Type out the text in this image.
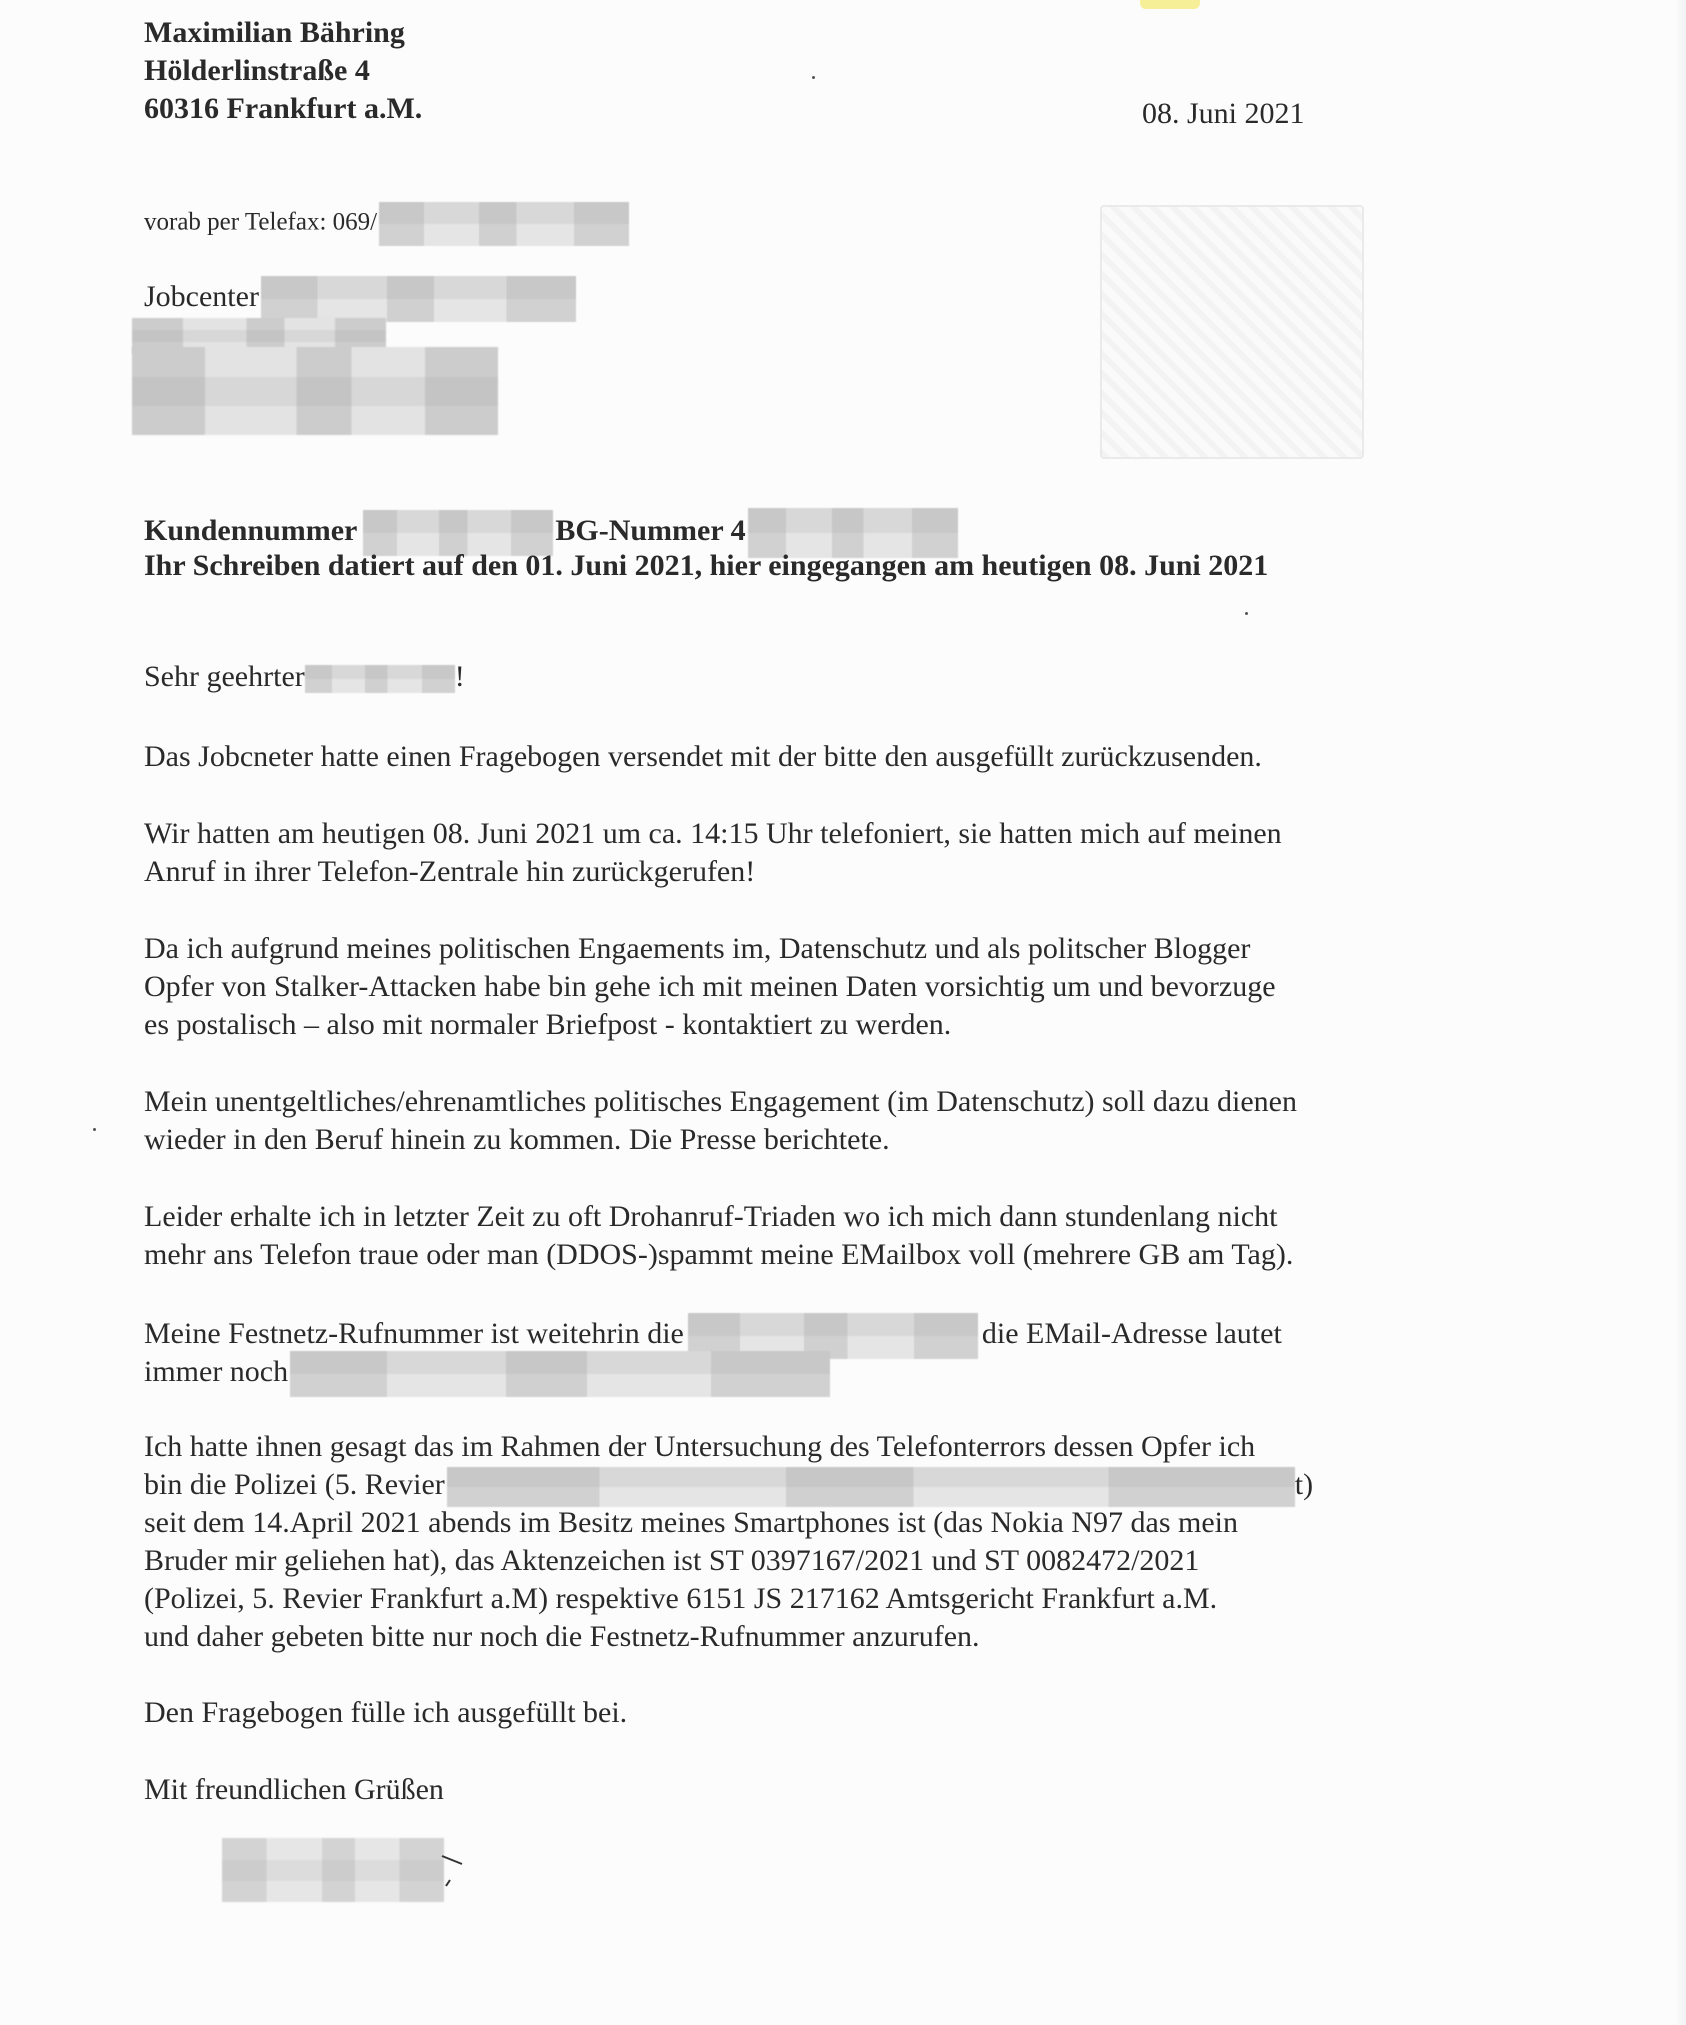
Maximilian Bähring

Hölderlinstraße 4

60316 Frankfurt a.M.	08. Juni 2021

vorab per Telefax: 069/

Jobcenter

Kundennummer	BG-Nummer 4

Ihr Schreiben datiert auf den 01. Juni 2021, hier eingegangen am heutigen 08. Juni 2021

Sehr geehrter	!

Das Jobcneter hatte einen Fragebogen versendet mit der bitte den ausgefüllt zurückzusenden.

Wir hatten am heutigen 08. Juni 2021 um ca. 14:15 Uhr telefoniert, sie hatten mich auf meinen

Anruf in ihrer Telefon-Zentrale hin zurückgerufen!

Da ich aufgrund meines politischen Engaements im, Datenschutz und als politscher Blogger

Opfer von Stalker-Attacken habe bin gehe ich mit meinen Daten vorsichtig um und bevorzuge

es postalisch – also mit normaler Briefpost - kontaktiert zu werden.

Mein unentgeltliches/ehrenamtliches politisches Engagement (im Datenschutz) soll dazu dienen

wieder in den Beruf hinein zu kommen. Die Presse berichtete.

Leider erhalte ich in letzter Zeit zu oft Drohanruf-Triaden wo ich mich dann stundenlang nicht

mehr ans Telefon traue oder man (DDOS-)spammt meine EMailbox voll (mehrere GB am Tag).

Meine Festnetz-Rufnummer ist weitehrin die	die EMail-Adresse lautet

immer noch

Ich hatte ihnen gesagt das im Rahmen der Untersuchung des Telefonterrors dessen Opfer ich

bin die Polizei (5. Revier	t)

seit dem 14.April 2021 abends im Besitz meines Smartphones ist (das Nokia N97 das mein

Bruder mir geliehen hat), das Aktenzeichen ist ST 0397167/2021 und ST 0082472/2021

(Polizei, 5. Revier Frankfurt a.M) respektive 6151 JS 217162 Amtsgericht Frankfurt a.M.

und daher gebeten bitte nur noch die Festnetz-Rufnummer anzurufen.

Den Fragebogen fülle ich ausgefüllt bei.

Mit freundlichen Grüßen
